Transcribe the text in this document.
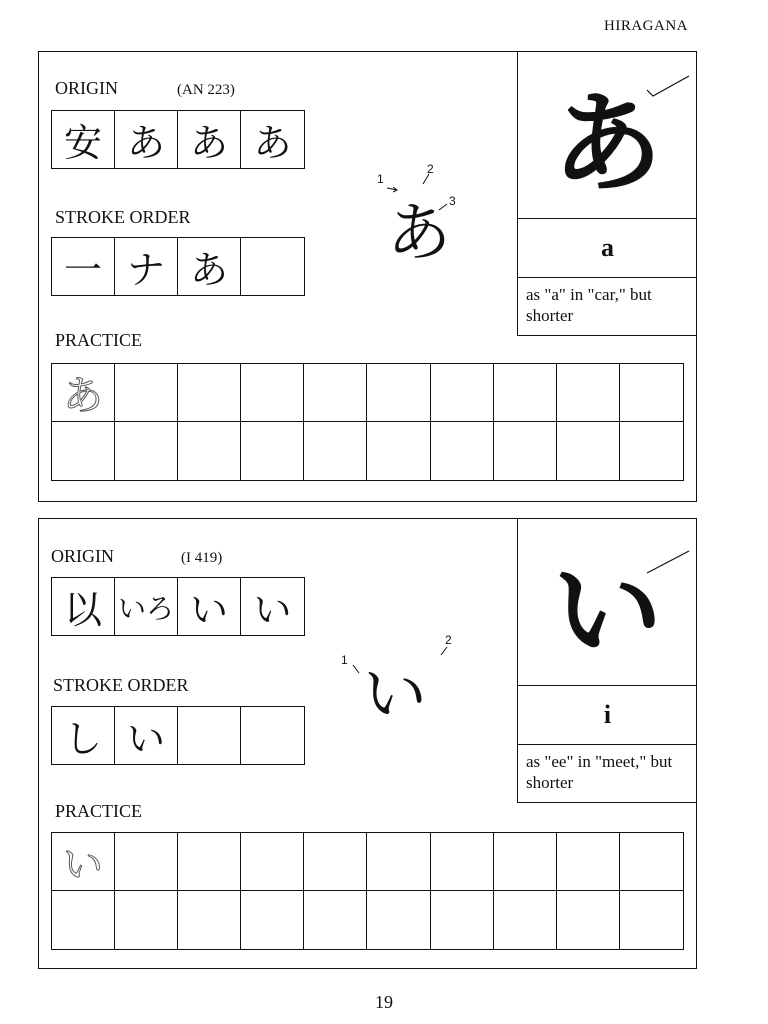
HIRAGANA
ORIGIN	(AN 223)
安 あ あ あ
STROKE ORDER
一 ナ あ あ
1
2
3
PRACTICE
あ
あ
a
as "a" in "car," but shorter
ORIGIN	(I 419)
以 いろ い い
STROKE ORDER
し い
い
1
2
PRACTICE
い
い
i
as "ee" in "meet," but shorter
19
